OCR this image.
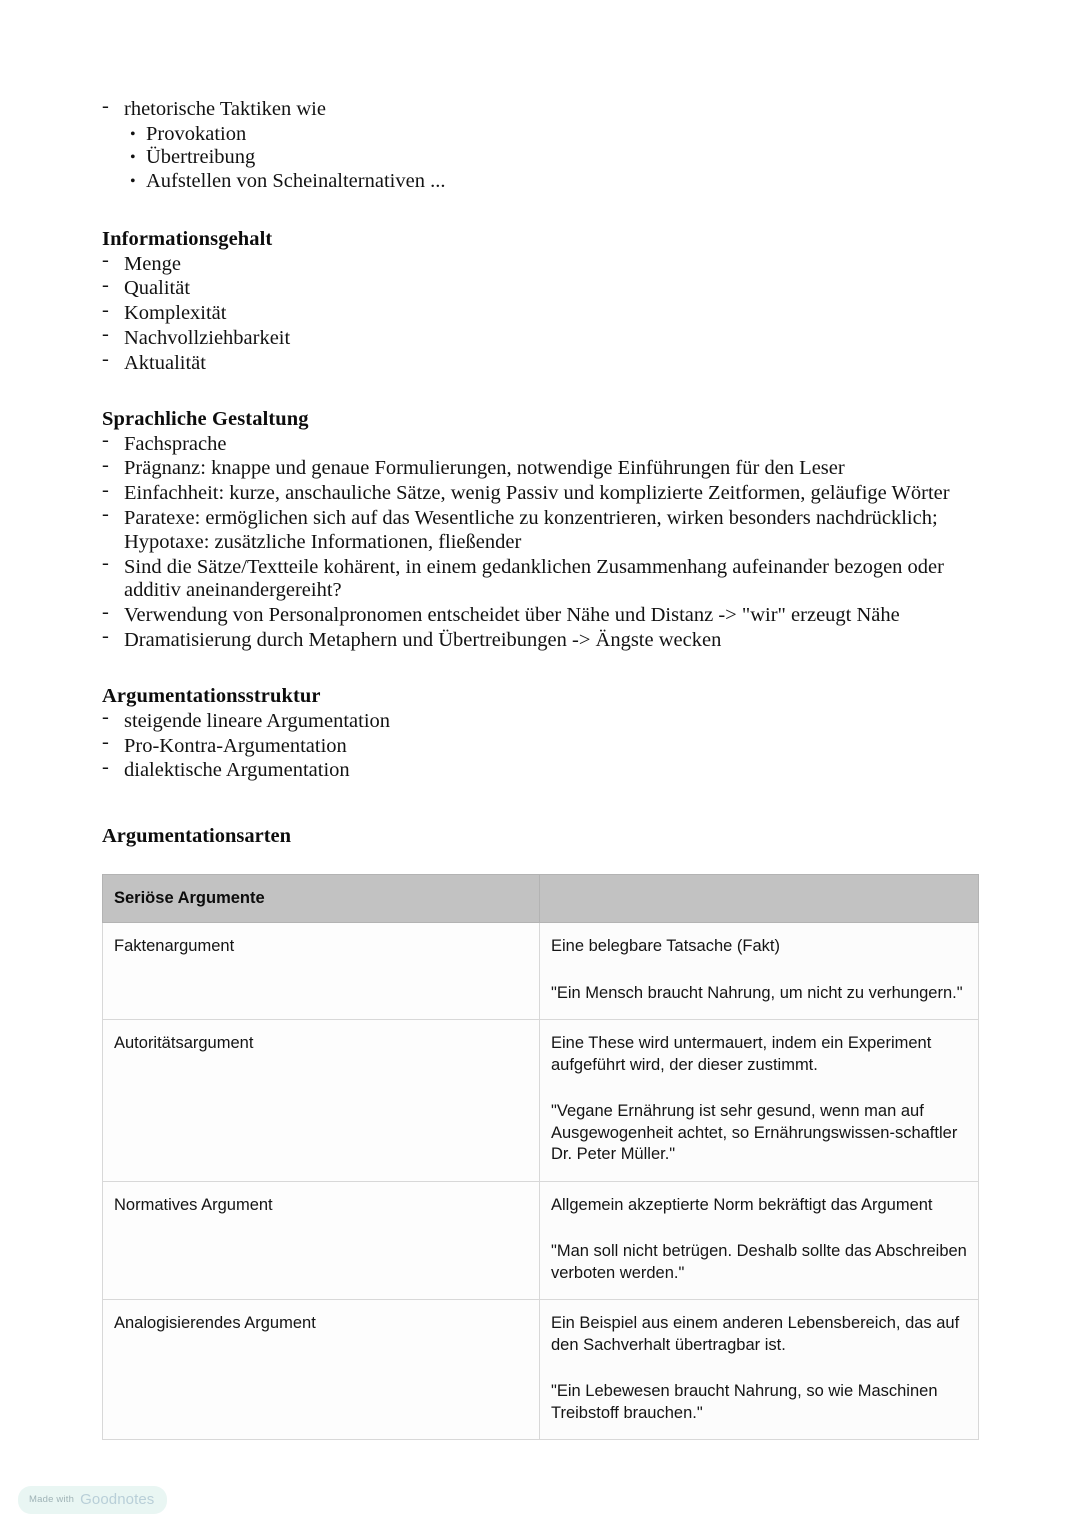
- rhetorische Taktiken wie
• Provokation
• Übertreibung
• Aufstellen von Scheinalternativen ...
Informationsgehalt
- Menge
- Qualität
- Komplexität
- Nachvollziehbarkeit
- Aktualität
Sprachliche Gestaltung
- Fachsprache
- Prägnanz: knappe und genaue Formulierungen, notwendige Einführungen für den Leser
- Einfachheit: kurze, anschauliche Sätze, wenig Passiv und komplizierte Zeitformen, geläufige Wörter
- Paratexe: ermöglichen sich auf das Wesentliche zu konzentrieren, wirken besonders nachdrücklich; Hypotaxe: zusätzliche Informationen, fließender
- Sind die Sätze/Textteile kohärent, in einem gedanklichen Zusammenhang aufeinander bezogen oder additiv aneinandergereiht?
- Verwendung von Personalpronomen entscheidet über Nähe und Distanz -> "wir" erzeugt Nähe
- Dramatisierung durch Metaphern und Übertreibungen -> Ängste wecken
Argumentationsstruktur
- steigende lineare Argumentation
- Pro-Kontra-Argumentation
- dialektische Argumentation
Argumentationsarten
Seriöse Argumente	
Faktenargument	Eine belegbare Tatsache (Fakt)

"Ein Mensch braucht Nahrung, um nicht zu verhungern."

Autoritätsargument	Eine These wird untermauert, indem ein Experiment aufgeführt wird, der dieser zustimmt.

"Vegane Ernährung ist sehr gesund, wenn man auf Ausgewogenheit achtet, so Ernährungswissen-schaftler Dr. Peter Müller."

Normatives Argument	Allgemein akzeptierte Norm bekräftigt das Argument

"Man soll nicht betrügen. Deshalb sollte das Abschreiben verboten werden."

Analogisierendes Argument	Ein Beispiel aus einem anderen Lebensbereich, das auf den Sachverhalt übertragbar ist.

"Ein Lebewesen braucht Nahrung, so wie Maschinen Treibstoff brauchen."

Made with Goodnotes
